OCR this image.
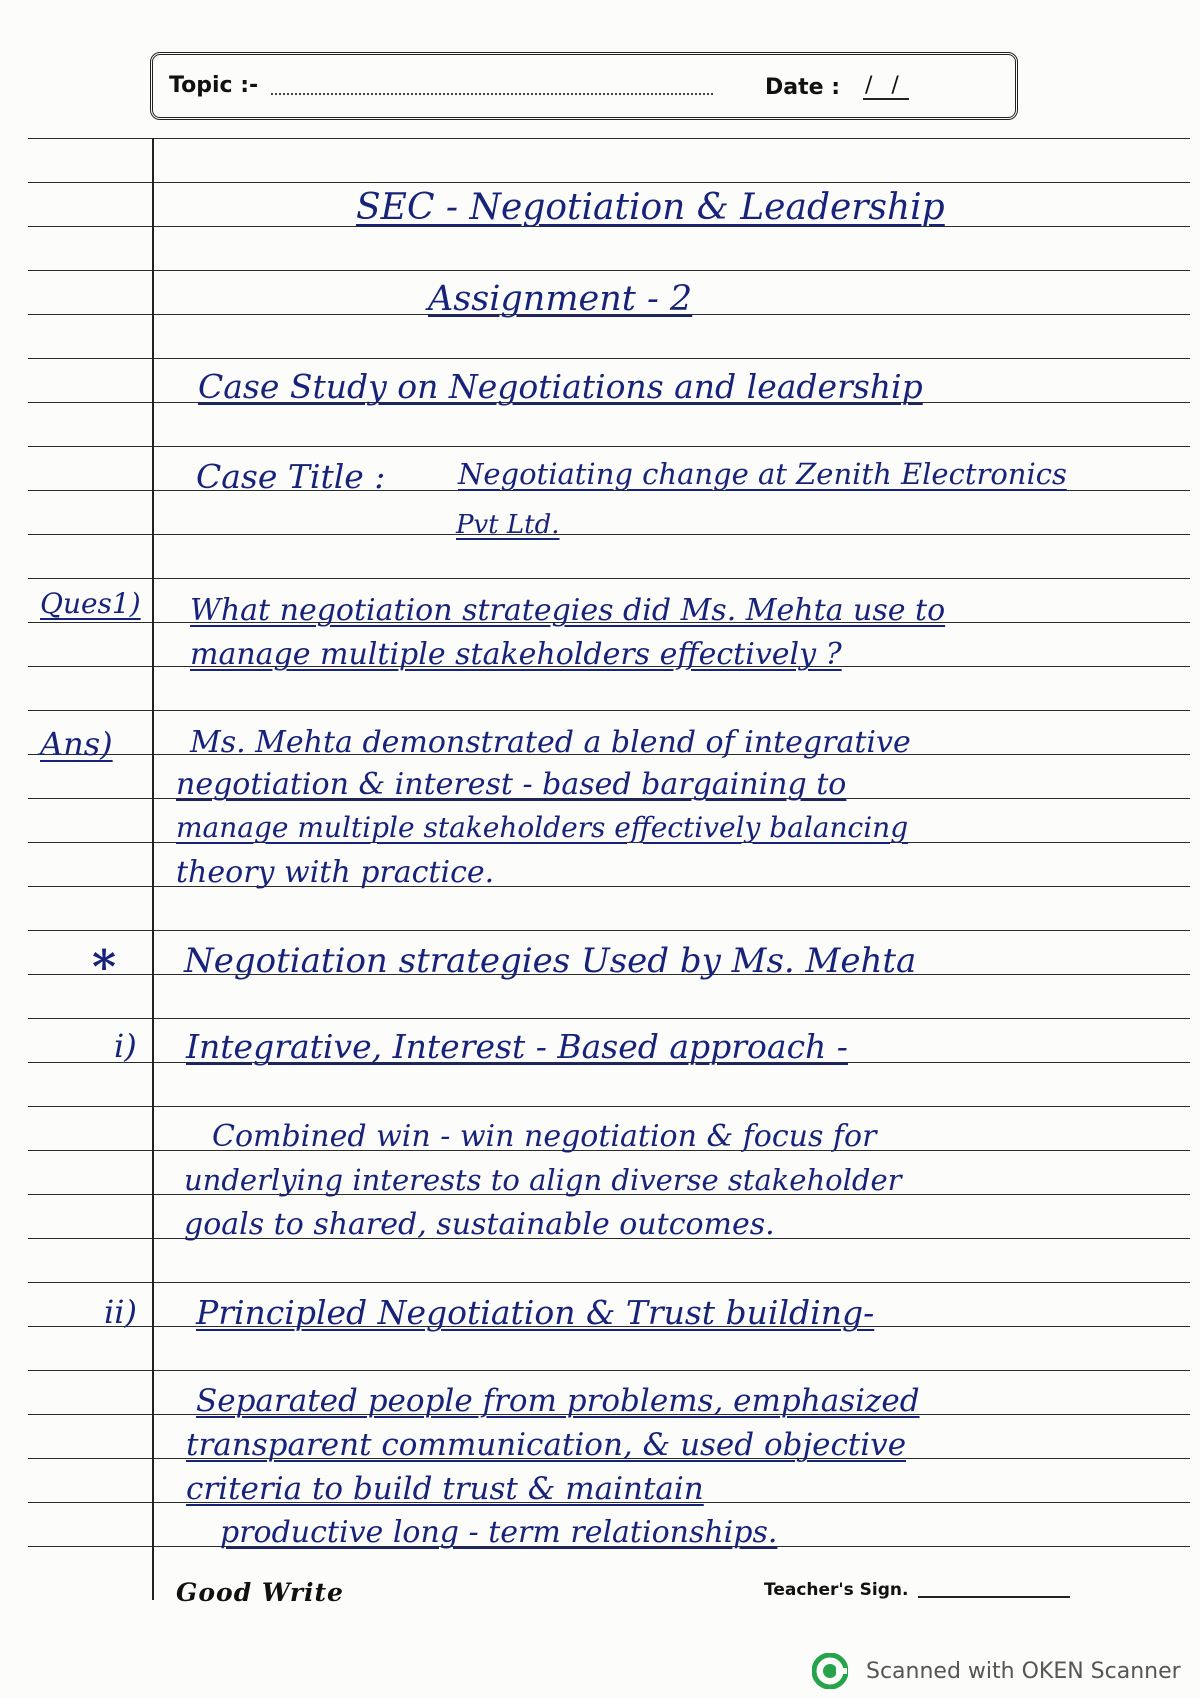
Topic :-	Date : / /
SEC - Negotiation & Leadership
Assignment - 2
Case Study on Negotiations and leadership
Case Title :	Negotiating change at Zenith Electronics
Pvt Ltd.
Ques1) What negotiation strategies did Ms. Mehta use to
manage multiple stakeholders effectively ?
Ans)	Ms. Mehta demonstrated a blend of integrative
negotiation & interest - based bargaining to
manage multiple stakeholders effectively balancing
theory with practice.
* Negotiation strategies Used by Ms. Mehta
i) Integrative, Interest - Based approach -
Combined win - win negotiation & focus for
underlying interests to align diverse stakeholder
goals to shared, sustainable outcomes.
ii) Principled Negotiation & Trust building-
Separated people from problems, emphasized
transparent communication, & used objective
criteria to build trust & maintain
productive long - term relationships.
Good Write	Teacher's Sign.
Scanned with OKEN Scanner
